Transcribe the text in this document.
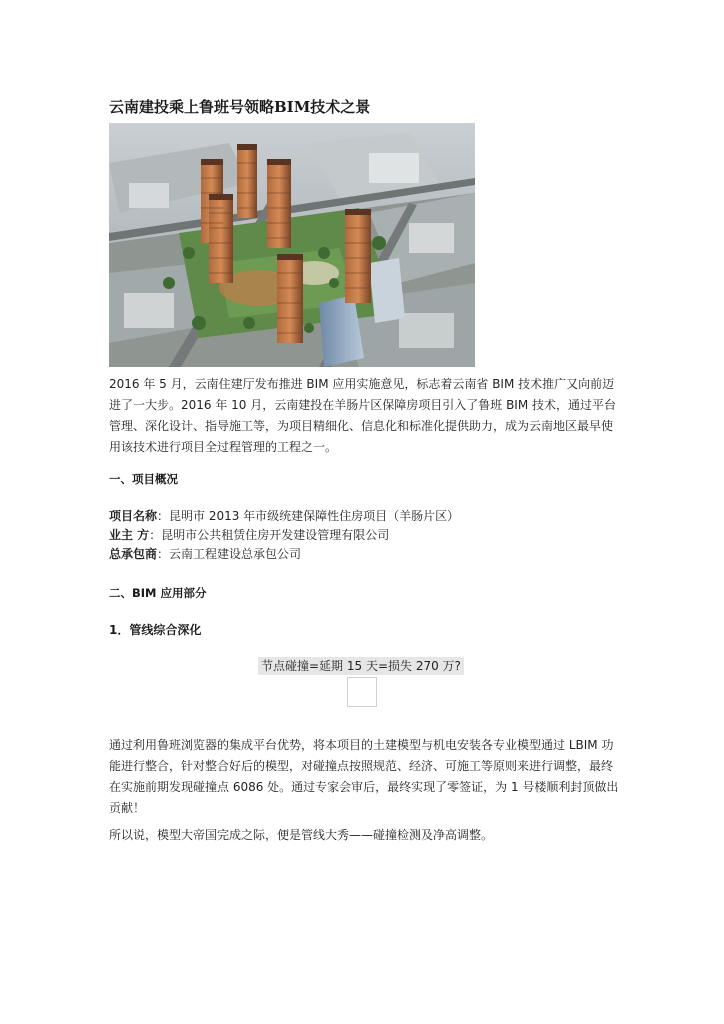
云南建投乘上鲁班号领略BIM技术之景
2016 年 5 月，云南住建厅发布推进 BIM 应用实施意见，标志着云南省 BIM 技术推广又向前迈进了一大步。2016 年 10 月，云南建投在羊肠片区保障房项目引入了鲁班 BIM 技术，通过平台管理、深化设计、指导施工等，为项目精细化、信息化和标准化提供助力，成为云南地区最早使用该技术进行项目全过程管理的工程之一。
一、项目概况
项目名称：昆明市 2013 年市级统建保障性住房项目（羊肠片区）
业主 方：昆明市公共租赁住房开发建设管理有限公司
总承包商：云南工程建设总承包公司
二、BIM 应用部分
1．管线综合深化
节点碰撞=延期 15 天=损失 270 万?
通过利用鲁班浏览器的集成平台优势，将本项目的土建模型与机电安装各专业模型通过 LBIM 功能进行整合，针对整合好后的模型，对碰撞点按照规范、经济、可施工等原则来进行调整，最终在实施前期发现碰撞点 6086 处。通过专家会审后，最终实现了零签证，为 1 号楼顺利封顶做出贡献！
所以说，模型大帝国完成之际，便是管线大秀——碰撞检测及净高调整。
